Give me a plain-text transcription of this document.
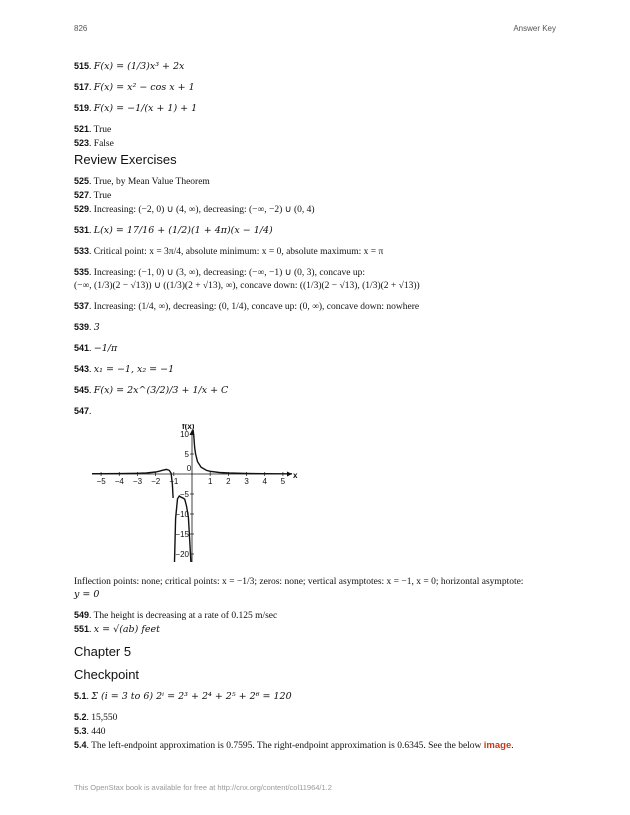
826	Answer Key
515. F(x) = (1/3)x³ + 2x
517. F(x) = x² − cos x + 1
519. F(x) = −1/(x + 1) + 1
521. True
523. False
Review Exercises
525. True, by Mean Value Theorem
527. True
529. Increasing: (−2, 0) ∪ (4, ∞), decreasing: (−∞, −2) ∪ (0, 4)
531. L(x) = 17/16 + (1/2)(1 + 4π)(x − 1/4)
533. Critical point: x = 3π/4, absolute minimum: x = 0, absolute maximum: x = π
535. Increasing: (−1, 0) ∪ (3, ∞), decreasing: (−∞, −1) ∪ (0, 3), concave up:
(−∞, (1/3)(2 − √13)) ∪ ((1/3)(2 + √13), ∞), concave down: ((1/3)(2 − √13), (1/3)(2 + √13))
537. Increasing: (1/4, ∞), decreasing: (0, 1/4), concave up: (0, ∞), concave down: nowhere
539. 3
541. −1/π
543. x₁ = −1, x₂ = −1
545. F(x) = 2x^(3/2)/3 + 1/x + C
547.
−5 −4 −3 −2 −1
0
1 2 3 4 5
10
5
−5
−10
−15
−20
x
f(x)
Inflection points: none; critical points: x = −1/3; zeros: none; vertical asymptotes: x = −1, x = 0; horizontal asymptote:
y = 0
549. The height is decreasing at a rate of 0.125 m/sec
551. x = √(ab) feet
Chapter 5
Checkpoint
5.1. Σ (i = 3 to 6) 2ⁱ = 2³ + 2⁴ + 2⁵ + 2⁶ = 120
5.2. 15,550
5.3. 440
5.4. The left-endpoint approximation is 0.7595. The right-endpoint approximation is 0.6345. See the below image.
This OpenStax book is available for free at http://cnx.org/content/col11964/1.2
